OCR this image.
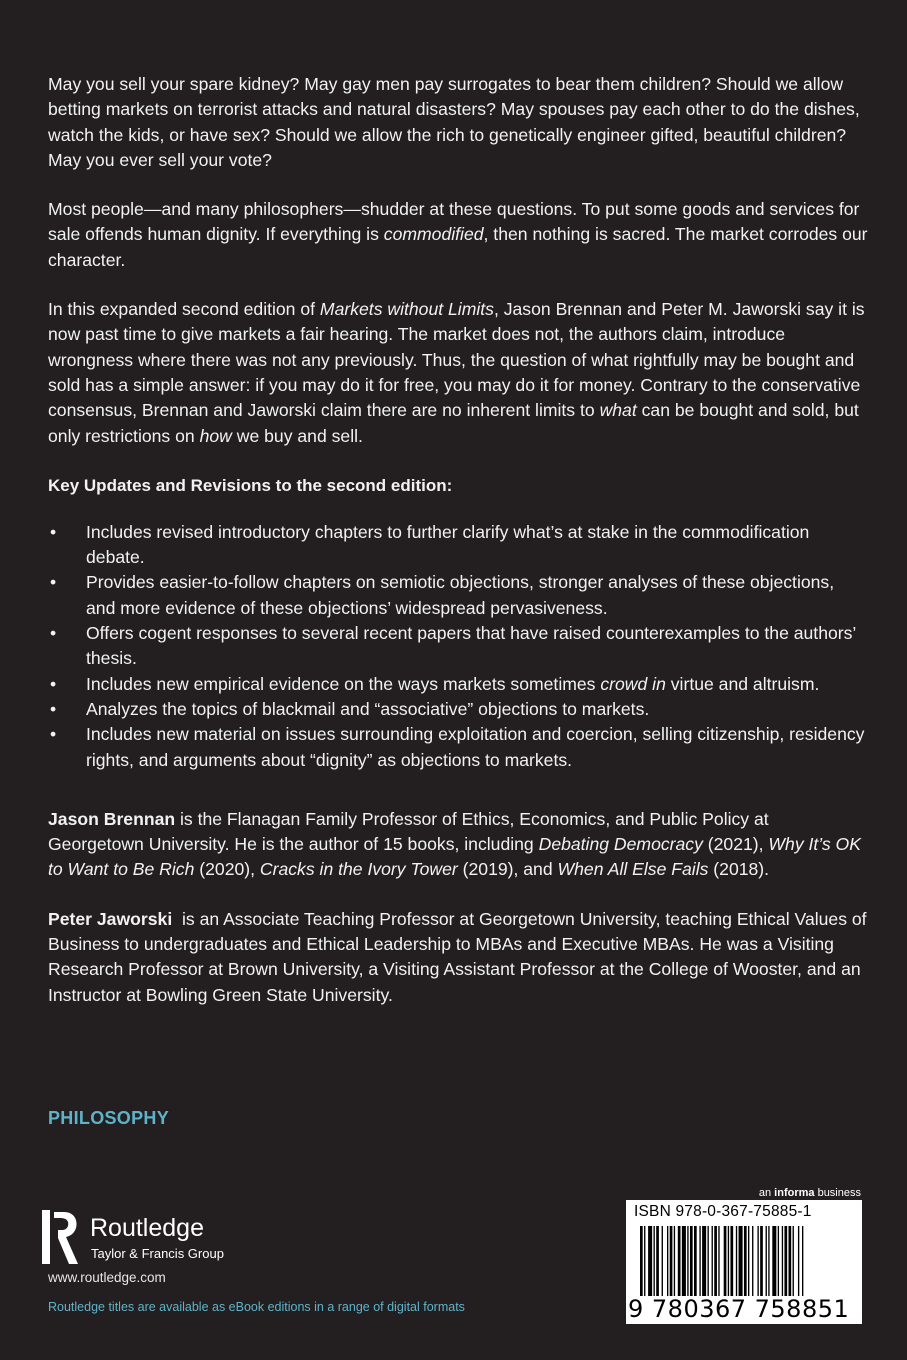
May you sell your spare kidney? May gay men pay surrogates to bear them children? Should we allow betting markets on terrorist attacks and natural disasters? May spouses pay each other to do the dishes, watch the kids, or have sex? Should we allow the rich to genetically engineer gifted, beautiful children? May you ever sell your vote?

Most people—and many philosophers—shudder at these questions. To put some goods and services for sale offends human dignity. If everything is commodified, then nothing is sacred. The market corrodes our character.

In this expanded second edition of Markets without Limits, Jason Brennan and Peter M. Jaworski say it is now past time to give markets a fair hearing. The market does not, the authors claim, introduce wrongness where there was not any previously. Thus, the question of what rightfully may be bought and sold has a simple answer: if you may do it for free, you may do it for money. Contrary to the conservative consensus, Brennan and Jaworski claim there are no inherent limits to what can be bought and sold, but only restrictions on how we buy and sell.

Key Updates and Revisions to the second edition:
• Includes revised introductory chapters to further clarify what’s at stake in the commodification debate.
• Provides easier-to-follow chapters on semiotic objections, stronger analyses of these objections, and more evidence of these objections’ widespread pervasiveness.
• Offers cogent responses to several recent papers that have raised counterexamples to the authors’ thesis.
• Includes new empirical evidence on the ways markets sometimes crowd in virtue and altruism.
• Analyzes the topics of blackmail and “associative” objections to markets.
• Includes new material on issues surrounding exploitation and coercion, selling citizenship, residency rights, and arguments about “dignity” as objections to markets.

Jason Brennan is the Flanagan Family Professor of Ethics, Economics, and Public Policy at Georgetown University. He is the author of 15 books, including Debating Democracy (2021), Why It’s OK to Want to Be Rich (2020), Cracks in the Ivory Tower (2019), and When All Else Fails (2018).

Peter Jaworski  is an Associate Teaching Professor at Georgetown University, teaching Ethical Values of Business to undergraduates and Ethical Leadership to MBAs and Executive MBAs. He was a Visiting Research Professor at Brown University, a Visiting Assistant Professor at the College of Wooster, and an Instructor at Bowling Green State University.

PHILOSOPHY
Routledge
Taylor & Francis Group
www.routledge.com
Routledge titles are available as eBook editions in a range of digital formats
an informa business
ISBN 978-0-367-75885-1
9 780367 758851
